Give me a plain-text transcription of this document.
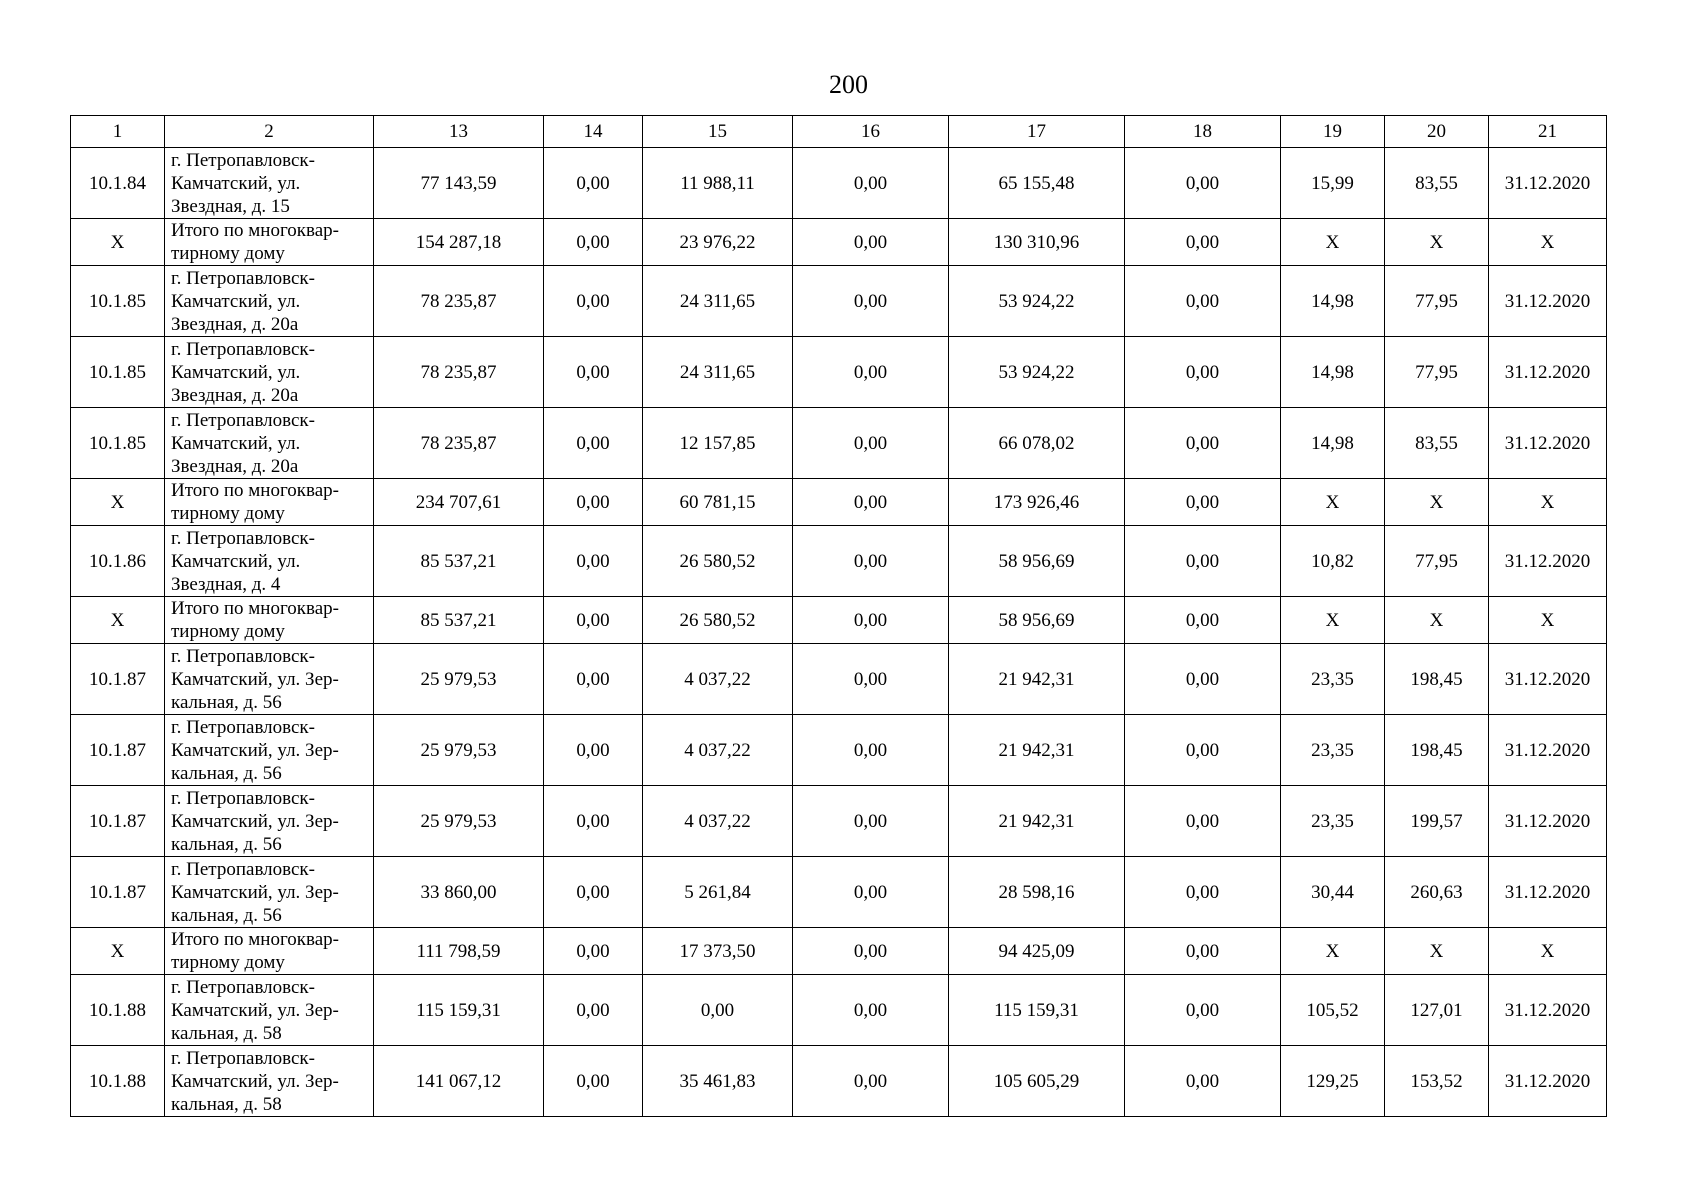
200
1	2	13	14	15	16	17	18	19	20	21
10.1.84	г. Петропавловск-Камчатский, ул. Звездная, д. 15	77 143,59	0,00	11 988,11	0,00	65 155,48	0,00	15,99	83,55	31.12.2020
X	Итого по многоквар-тирному дому	154 287,18	0,00	23 976,22	0,00	130 310,96	0,00	X	X	X
10.1.85	г. Петропавловск-Камчатский, ул. Звездная, д. 20а	78 235,87	0,00	24 311,65	0,00	53 924,22	0,00	14,98	77,95	31.12.2020
10.1.85	г. Петропавловск-Камчатский, ул. Звездная, д. 20а	78 235,87	0,00	24 311,65	0,00	53 924,22	0,00	14,98	77,95	31.12.2020
10.1.85	г. Петропавловск-Камчатский, ул. Звездная, д. 20а	78 235,87	0,00	12 157,85	0,00	66 078,02	0,00	14,98	83,55	31.12.2020
X	Итого по многоквар-тирному дому	234 707,61	0,00	60 781,15	0,00	173 926,46	0,00	X	X	X
10.1.86	г. Петропавловск-Камчатский, ул. Звездная, д. 4	85 537,21	0,00	26 580,52	0,00	58 956,69	0,00	10,82	77,95	31.12.2020
X	Итого по многоквар-тирному дому	85 537,21	0,00	26 580,52	0,00	58 956,69	0,00	X	X	X
10.1.87	г. Петропавловск-Камчатский, ул. Зер-кальная, д. 56	25 979,53	0,00	4 037,22	0,00	21 942,31	0,00	23,35	198,45	31.12.2020
10.1.87	г. Петропавловск-Камчатский, ул. Зер-кальная, д. 56	25 979,53	0,00	4 037,22	0,00	21 942,31	0,00	23,35	198,45	31.12.2020
10.1.87	г. Петропавловск-Камчатский, ул. Зер-кальная, д. 56	25 979,53	0,00	4 037,22	0,00	21 942,31	0,00	23,35	199,57	31.12.2020
10.1.87	г. Петропавловск-Камчатский, ул. Зер-кальная, д. 56	33 860,00	0,00	5 261,84	0,00	28 598,16	0,00	30,44	260,63	31.12.2020
X	Итого по многоквар-тирному дому	111 798,59	0,00	17 373,50	0,00	94 425,09	0,00	X	X	X
10.1.88	г. Петропавловск-Камчатский, ул. Зер-кальная, д. 58	115 159,31	0,00	0,00	0,00	115 159,31	0,00	105,52	127,01	31.12.2020
10.1.88	г. Петропавловск-Камчатский, ул. Зер-кальная, д. 58	141 067,12	0,00	35 461,83	0,00	105 605,29	0,00	129,25	153,52	31.12.2020
